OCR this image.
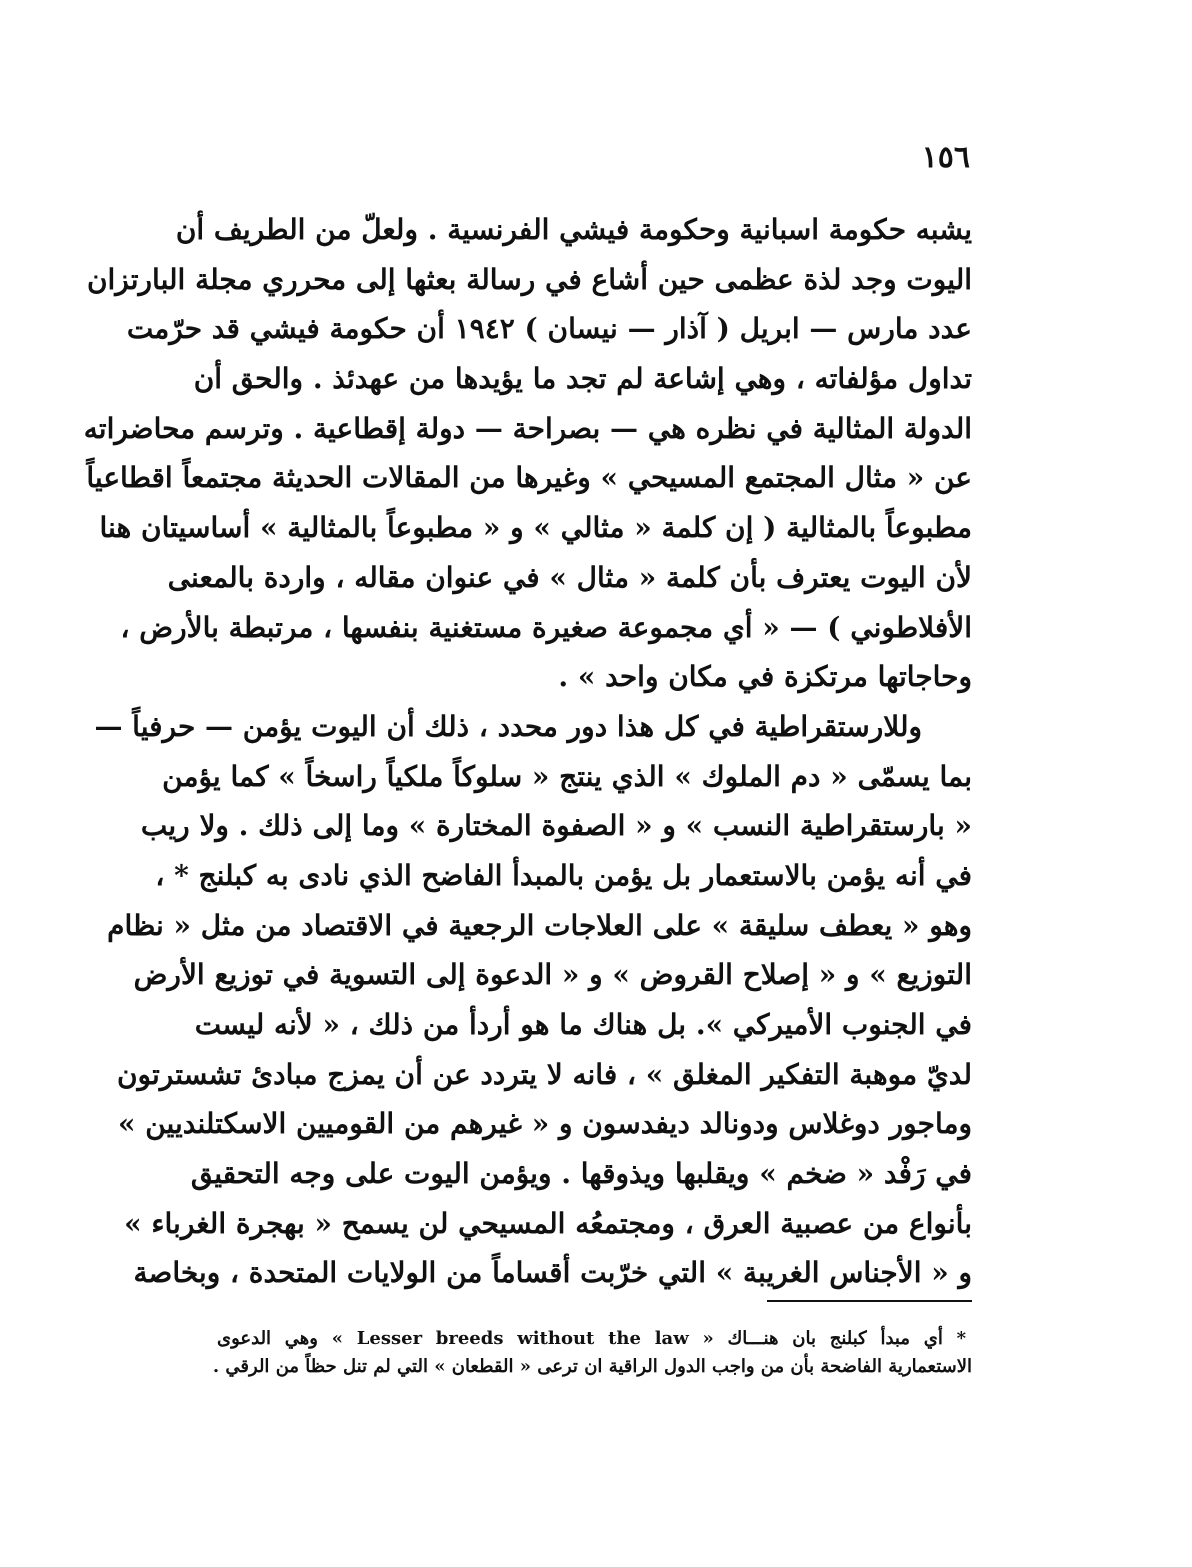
١٥٦
يشبه حكومة اسبانية وحكومة فيشي الفرنسية . ولعلّ من الطريف أن
اليوت وجد لذة عظمى حين أشاع في رسالة بعثها إلى محرري مجلة البارتزان
عدد مارس — ابريل ( آذار — نيسان ) ١٩٤٢ أن حكومة فيشي قد حرّمت
تداول مؤلفاته ، وهي إشاعة لم تجد ما يؤيدها من عهدئذ . والحق أن
الدولة المثالية في نظره هي — بصراحة — دولة إقطاعية . وترسم محاضراته
عن « مثال المجتمع المسيحي » وغيرها من المقالات الحديثة مجتمعاً اقطاعياً
مطبوعاً بالمثالية ( إن كلمة « مثالي » و « مطبوعاً بالمثالية » أساسيتان هنا
لأن اليوت يعترف بأن كلمة « مثال » في عنوان مقاله ، واردة بالمعنى
الأفلاطوني ) — « أي مجموعة صغيرة مستغنية بنفسها ، مرتبطة بالأرض ،
وحاجاتها مرتكزة في مكان واحد » .
وللارستقراطية في كل هذا دور محدد ، ذلك أن اليوت يؤمن — حرفياً —
بما يسمّى « دم الملوك » الذي ينتج « سلوكاً ملكياً راسخاً » كما يؤمن
« بارستقراطية النسب » و « الصفوة المختارة » وما إلى ذلك . ولا ريب
في أنه يؤمن بالاستعمار بل يؤمن بالمبدأ الفاضح الذي نادى به كبلنج * ،
وهو « يعطف سليقة » على العلاجات الرجعية في الاقتصاد من مثل « نظام
التوزيع » و « إصلاح القروض » و « الدعوة إلى التسوية في توزيع الأرض
في الجنوب الأميركي ». بل هناك ما هو أردأ من ذلك ، « لأنه ليست
لديّ موهبة التفكير المغلق » ، فانه لا يتردد عن أن يمزج مبادئ تشسترتون
وماجور دوغلاس ودونالد ديفدسون و « غيرهم من القوميين الاسكتلنديين »
في رَفْد « ضخم » ويقلبها ويذوقها . ويؤمن اليوت على وجه التحقيق
بأنواع من عصبية العرق ، ومجتمعُه المسيحي لن يسمح « بهجرة الغرباء »
و « الأجناس الغريبة » التي خرّبت أقساماً من الولايات المتحدة ، وبخاصة
* أي مبدأ كبلنج بان هنـــاك « Lesser breeds without the law » وهي الدعوى
الاستعمارية الفاضحة بأن من واجب الدول الراقية ان ترعى « القطعان » التي لم تنل حظاً من الرقي .
